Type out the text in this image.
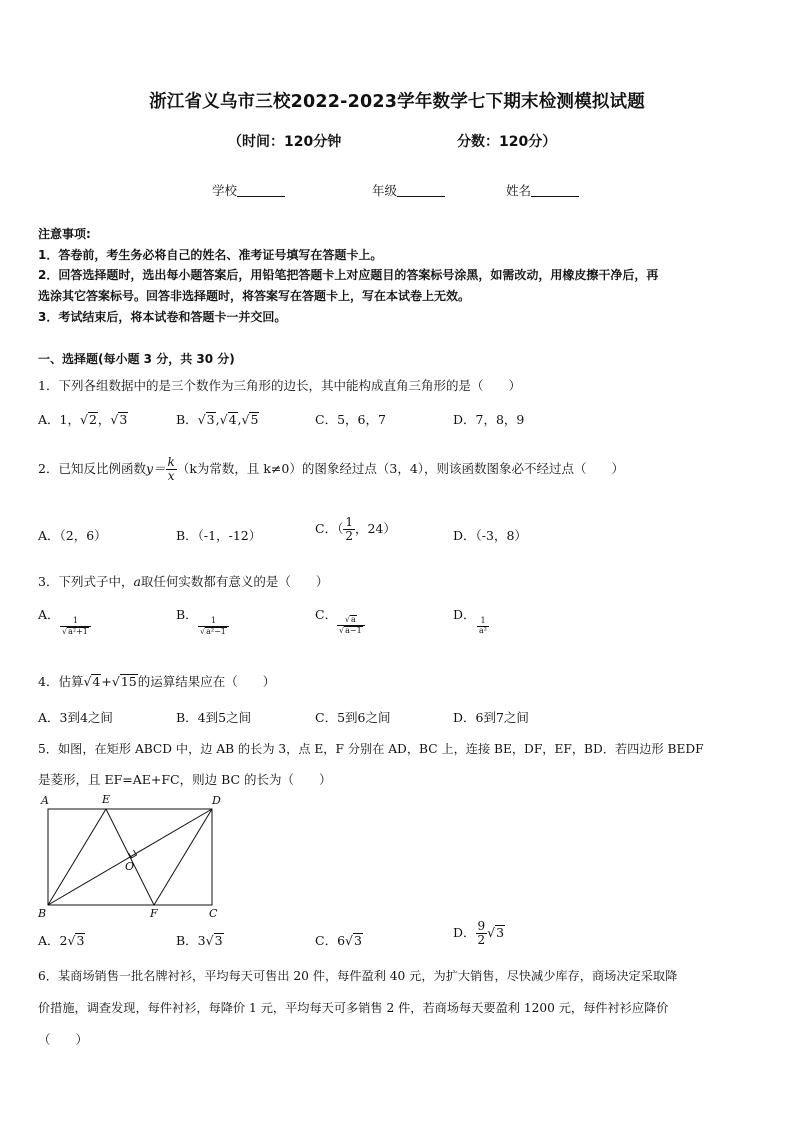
浙江省义乌市三校2022-2023学年数学七下期末检测模拟试题
（时间：120分钟	分数：120分）
学校	年级	姓名
注意事项:
1．答卷前，考生务必将自己的姓名、准考证号填写在答题卡上。
2．回答选择题时，选出每小题答案后，用铅笔把答题卡上对应题目的答案标号涂黑，如需改动，用橡皮擦干净后，再
选涂其它答案标号。回答非选择题时，将答案写在答题卡上，写在本试卷上无效。
3．考试结束后，将本试卷和答题卡一并交回。
一、选择题(每小题 3 分，共 30 分)
1．下列各组数据中的是三个数作为三角形的边长，其中能构成直角三角形的是（　　）
A．1，√2，√3	B．√3,√4,√5	C．5，6，7	D．7，8，9
2．已知反比例函数$y= \frac{k}{x} (k$为常数，且 k≠0）的图象经过点（3，4），则该函数图象必不经过点（　　）
A．（2，6）	B．（-1，-12）	C．（ $\frac{1}{2}$ ，24）	D．（-3，8）
3．下列式子中，a取任何实数都有意义的是（　　）
A．
$\frac{1}{\text{√a²+1}}$
B．
$\frac{1}{\text{√a²−1}}$
C．
$\frac{√a}{√a-1}$
D．
$\frac{1}{\text{a²}}$
4．估算√4+√15的运算结果应在（　　）
A．3到4之间	B．4到5之间	C．5到6之间	D．6到7之间
5．如图，在矩形 ABCD 中，边 AB 的长为 3，点 E，F 分别在 AD，BC 上，连接 BE，DF，EF，BD．若四边形 BEDF
是菱形，且 EF=AE+FC，则边 BC 的长为（　　）
A	E	D
O
B	F	C
A．2√3	B．3√3	C．6√3
D． $\frac{9}{2} √3$
6．某商场销售一批名牌衬衫，平均每天可售出 20 件，每件盈利 40 元，为扩大销售，尽快减少库存，商场决定采取降
价措施，调查发现，每件衬衫，每降价 1 元，平均每天可多销售 2 件，若商场每天要盈利 1200 元，每件衬衫应降价
（　　）
